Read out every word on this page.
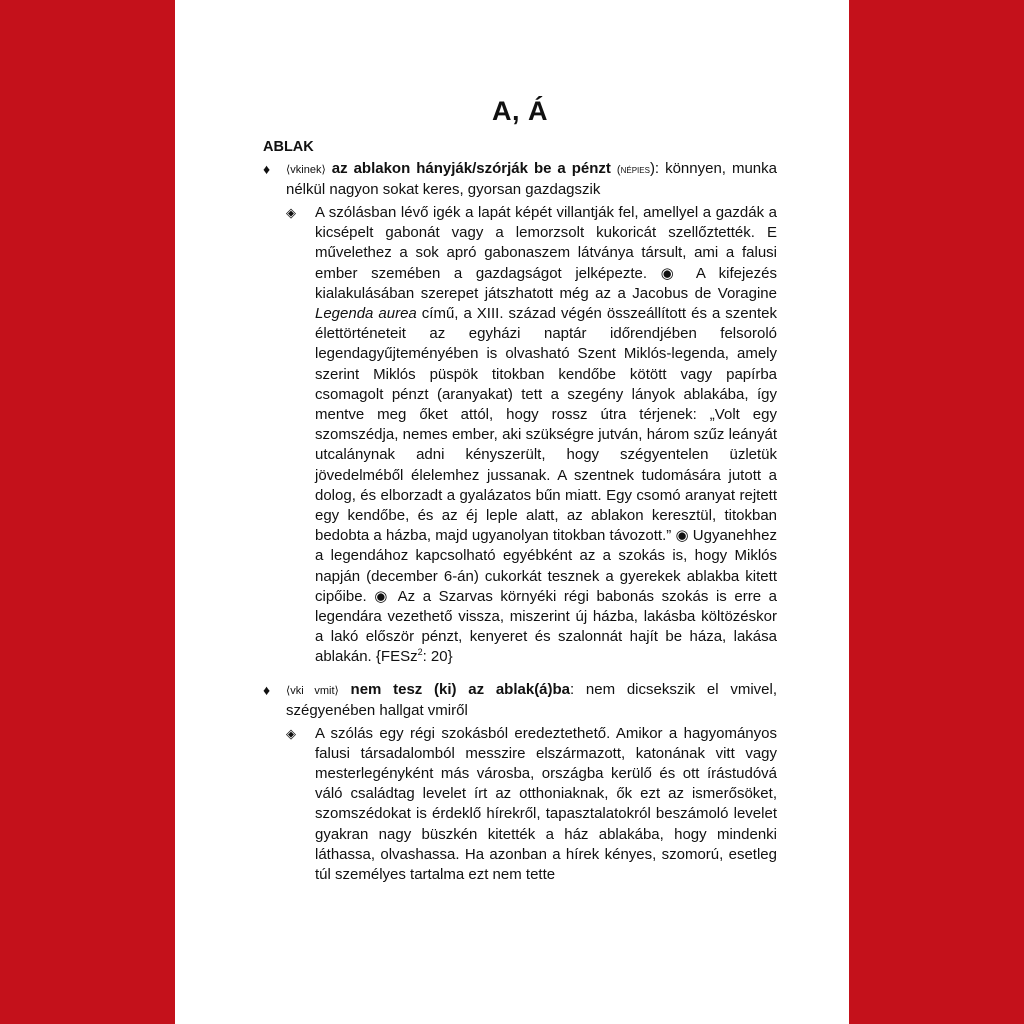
A, Á
ABLAK
♦ ⟨vkinek⟩ az ablakon hányják/szórják be a pénzt (népies): könnyen, munka nélkül nagyon sokat keres, gyorsan gazdagszik

◈ A szólásban lévő igék a lapát képét villantják fel, amellyel a gazdák a kicsépelt gabonát vagy a lemorzsolt kukoricát szellőztették. E művelethez a sok apró gabonaszem látványa társult, ami a falusi ember szemében a gazdagságot jelképezte. ◉ A kifejezés kialakulásában szerepet játszhatott még az a Jacobus de Voragine Legenda aurea című, a XIII. század végén összeállított és a szentek élettörténeteit az egyházi naptár időrendjében felsoroló legendagyűjteményében is olvasható Szent Miklós-legenda, amely szerint Miklós püspök titokban kendőbe kötött vagy papírba csomagolt pénzt (aranyakat) tett a szegény lányok ablakába, így mentve meg őket attól, hogy rossz útra térjenek: „Volt egy szomszédja, nemes ember, aki szükségre jutván, három szűz leányát utcalánynak adni kényszerült, hogy szégyentelen üzletük jövedelméből élelemhez jussanak. A szentnek tudomására jutott a dolog, és elborzadt a gyalázatos bűn miatt. Egy csomó aranyat rejtett egy kendőbe, és az éj leple alatt, az ablakon keresztül, titokban bedobta a házba, majd ugyanolyan titokban távozott.” ◉ Ugyanehhez a legendához kapcsolható egyébként az a szokás is, hogy Miklós napján (december 6-án) cukorkát tesznek a gyerekek ablakba kitett cipőibe. ◉ Az a Szarvas környéki régi babonás szokás is erre a legendára vezethető vissza, miszerint új házba, lakásba költözéskor a lakó először pénzt, kenyeret és szalonnát hajít be háza, lakása ablakán. {FESz$^2$: 20}

♦ ⟨vki vmit⟩ nem tesz (ki) az ablak(á)ba: nem dicsekszik el vmivel, szégyenében hallgat vmiről

◈ A szólás egy régi szokásból eredeztethető. Amikor a hagyományos falusi társadalomból messzire elszármazott, katonának vitt vagy mesterlegényként más városba, országba kerülő és ott írástudóvá váló családtag levelet írt az otthoniaknak, ők ezt az ismerősöket, szomszédokat is érdeklő hírekről, tapasztalatokról beszámoló levelet gyakran nagy büszkén kitették a ház ablakába, hogy mindenki láthassa, olvashassa. Ha azonban a hírek kényes, szomorú, esetleg túl személyes tartalma ezt nem tette
